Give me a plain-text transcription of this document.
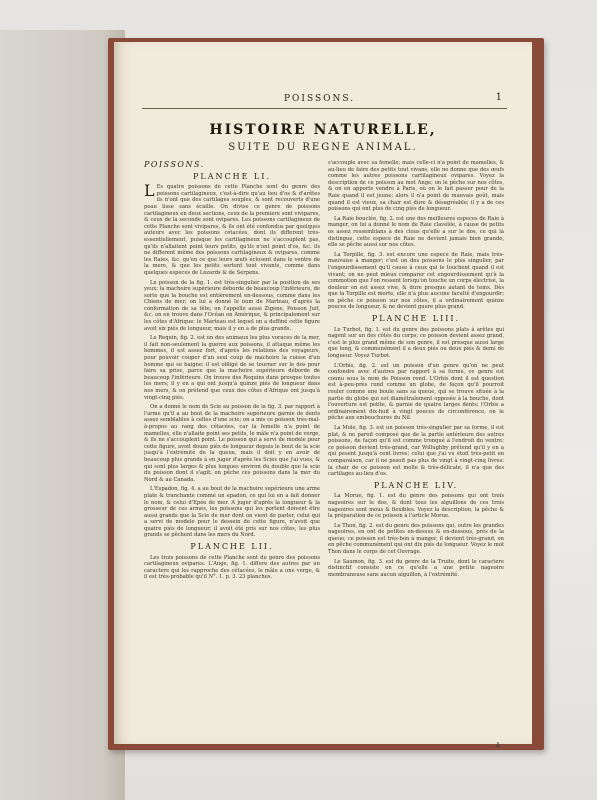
POISSONS.	1
HISTOIRE NATURELLE,
SUITE DU REGNE ANIMAL.
POISSONS.
PLANCHE LI.

L Es quatre poissons de cette Planche sont du genre des poissons cartilagineux, c'est-à-dire qu'au lieu d'os & d'arêtes ils n'ont que des cartilages souples, & sont recouverts d'une peau lisse sans écaille. On divise ce genre de poissons cartilagineux en deux sections, ceux de la premiere sont vivipares, & ceux de la seconde sont ovipares. Les poissons cartilagineux de cette Planche sont vivipares, & ils ont été confondus par quelques auteurs avec les poissons cétacées, dont ils different très-essentiellement, puisque les cartilagineux ne s'accouplent pas, qu'ils n'allaitent point leurs petits, qu'ils n'ont point d'os, &c. ils ne different même des poissons cartilagineux & ovipares, comme les Raies, &c. qu'en ce que leurs œufs éclosent dans le ventre de la mere, & que les petits sortent tout vivants, comme dans quelques especes de Lézards & de Serpens.

Le poisson de la fig. 1. est très-singulier par la position de ses yeux; la machoire supérieure déborde de beaucoup l'inférieure, de sorte que la bouche est entiérement en-dessous, comme dans les Chiens de mer; on lui a donné le nom de Marteau, d'après la conformation de sa tête; on l'appelle aussi Zigene, Poisson Juif, &c. on en trouve dans l'Océan en Amérique, & principalement sur les côtes d'Afrique: le Marteau est lequel on a deffiné cette figure avoit six piés de longueur, mais il y en a de plus grands.

Le Requin, fig. 2. est un des animaux les plus voraces de la mer, il fait non-seulement la guerre aux poissons, il attaque même les hommes, il est assez fort, d'après les relations des voyageurs, pour pouvoir couper d'un seul coup de machoire la cuisse d'un homme qui se baigne; il est obligé de se tourner sur le dos pour faire sa prise, parce que la machoire supérieure déborde de beaucoup l'inférieure. On trouve des Requins dans presque toutes les mers; il y en a qui ont jusqu'à quinze piés de longueur dans nos mers, & on prétend que ceux des côtes d'Afrique ont jusqu'à vingt-cinq piés.

On a donné le nom de Scie au poisson de la fig. 3. par rapport à l'arme qu'il a au bout de la machoire supérieure garnie de dents assez semblables à celles d'une scie; on a mis ce poisson très-mal-à-propos au rang des cétacées, car la femelle n'a point de mamelles, elle n'allaite point ses petits, le mâle n'a point de verge, & ils ne s'accouplent point. Le poisson qui a servi de modele pour cette figure, avoit douze piés de longueur depuis le bout de la scie jusqu'à l'extrémité de la queue, mais il doit y en avoir de beaucoup plus grands à en juger d'après les Scies que j'ai vues, & qui sont plus larges & plus longues environ du double que la scie du poisson dont il s'agit; on pêche ces poissons dans la mer du Nord & au Canada.

L'Espadon, fig. 4. a au bout de la machoire supérieure une arme plate & tranchante comme un epadon, ce qui lui en a fait donner le nom, & celui d'Epée de mer. A juger d'après la longueur & la grosseur de ces armes, les poissons qui les portent doivent être aussi grands que la Scie de mer dont on vient de parler, celui qui a servi de modele pour le dessein de cette figure, n'avoit que quatre piés de longueur; il avoit été pris sur nos côtes, les plus grands se pêchent dans les mers du Nord.

PLANCHE LII.

Les trois poissons de cette Planche sont du genre des poissons cartilagineux ovipares. L'Ange, fig. 1. differe des autres par un caractere qui les rapproche des cétacées, le mâle a une verge, & il est très-probable qu'il N°. 1. p. 3. 23 planches.

s'accouple avec sa femelle; mais celle-ci n'a point de mamelles, & au-lieu de faire des petits tout vivans, elle ne donne que des œufs comme les autres poissons cartilagineux ovipares. Voyez la description de ce poisson au mot Ange; on le pêche sur nos côtes, & on en apporte vendre à Paris, où on le fait passer pour de la Raie quand il est jeune; alors il n'a point de mauvais goût, mais quand il est vieux, sa chair est dure & désagréable; il y a de ces poissons qui ont plus de cinq piés de longueur.

La Raie bouclée, fig. 2. est une des meilleures especes de Raie à manger, on lui a donné le nom de Raie clavelée, à cause de petits os assez ressemblans à des clous qu'elle a sur le dos, ce qui la distingue, cette espece de Raie ne devient jamais bien grande, elle se pêche aussi sur nos côtes.

La Torpille, fig. 3. est encore une espece de Raie, mais très-mauvaise à manger; c'est un des poissons le plus singulier, par l'engourdissement qu'il cause à ceux qui le touchent quand il est vivant; on ne peut mieux comparer cet engourdissement qu'à la commotion que l'on ressent lorsqu'on touche un corps électrisé, la douleur en est assez vive, & dure presque autant de tems. Dès que la Torpille est morte, elle n'a plus aucune faculté d'engourdir; on pêche ce poisson sur nos côtes, il a ordinairement quinze pouces de longueur, & ne devient guere plus grand.

PLANCHE LIII.

Le Turbot, fig. 1. est du genre des poissons plats à arêtes qui nagent sur un des côtés du corps; ce poisson devient assez grand, c'est le plus grand même de son genre, il est presque aussi large que long, & communément il a deux piés ou deux piés & demi de longueur. Voyez Turbot.

L'Orbis, fig. 2. est un poisson d'un genre qu'on ne peut confondre avec d'autres par rapport à sa forme, ce genre est connu sous le nom de Poisson rond. L'Orbis dont il est question est à-peu-près rond comme un globe, de façon qu'il pourroit rouler comme une boule sans sa queue, qui se trouve située à la partie du globe qui est diamétralement opposée à la bouche, dont l'ouverture est petite, & garnie de quatre larges dents; l'Orbis a ordinairement dix-huit à vingt pouces de circonférence, on le pêche aux embouchures du Nil.

La Mole, fig. 3. est un poisson très-singulier par sa forme, il est plat, & ne paroit composé que de la partie antérieure des autres poissons, de façon qu'il est comme tronqué à l'endroit du ventre; ce poisson devient très-grand, car Willughby prétend qu'il y en a qui pesent jusqu'à cent livres; celui que j'ai vu étoit très-petit en comparaison, car il ne pesoit pas plus de vingt à vingt-cinq livres: la chair de ce poisson est molle & très-délicate, il n'a que des cartilages au-lieu d'os.

PLANCHE LIV.

La Morue, fig. 1. est du genre des poissons qui ont trois nageoires sur le dos, & dont tous les aiguillons de ces trois nageoires sont mous & flexibles. Voyez la description, la pêche & la préparation de ce poisson à l'article Morue.

Le Thon, fig. 2. est du genre des poissons qui, outre les grandes nageoires, en ont de petites en-dessus & en-dessous, près de la queue; ce poisson est très-bon à manger, il devient très-grand, on en pêche communément qui ont dix piés de longueur. Voyez le mot Thon dans le corps de cet Ouvrage.

Le Saumon, fig. 3. est du genre de la Truite, dont le caractere distinctif consiste en ce qu'elle a une petite nageoire membraneuse sans aucun aiguillon, à l'extrémité.

A
